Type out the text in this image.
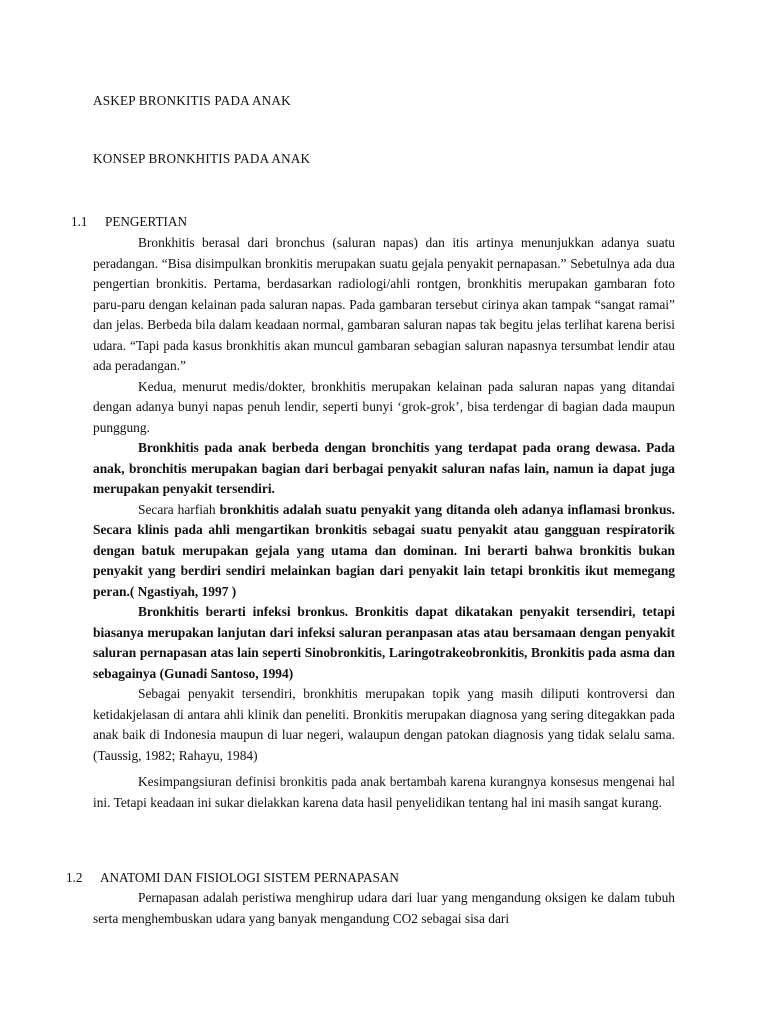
ASKEP BRONKITIS PADA ANAK
KONSEP BRONKHITIS PADA ANAK
1.1 PENGERTIAN

Bronkhitis berasal dari bronchus (saluran napas) dan itis artinya menunjukkan adanya suatu peradangan. “Bisa disimpulkan bronkitis merupakan suatu gejala penyakit pernapasan.” Sebetulnya ada dua pengertian bronkitis. Pertama, berdasarkan radiologi/ahli rontgen, bronkhitis merupakan gambaran foto paru-paru dengan kelainan pada saluran napas. Pada gambaran tersebut cirinya akan tampak “sangat ramai” dan jelas. Berbeda bila dalam keadaan normal, gambaran saluran napas tak begitu jelas terlihat karena berisi udara. “Tapi pada kasus bronkhitis akan muncul gambaran sebagian saluran napasnya tersumbat lendir atau ada peradangan.”

Kedua, menurut medis/dokter, bronkhitis merupakan kelainan pada saluran napas yang ditandai dengan adanya bunyi napas penuh lendir, seperti bunyi ‘grok-grok’, bisa terdengar di bagian dada maupun punggung.

Bronkhitis pada anak berbeda dengan bronchitis yang terdapat pada orang dewasa. Pada anak, bronchitis merupakan bagian dari berbagai penyakit saluran nafas lain, namun ia dapat juga merupakan penyakit tersendiri.

Secara harfiah bronkhitis adalah suatu penyakit yang ditanda oleh adanya inflamasi bronkus. Secara klinis pada ahli mengartikan bronkitis sebagai suatu penyakit atau gangguan respiratorik dengan batuk merupakan gejala yang utama dan dominan. Ini berarti bahwa bronkitis bukan penyakit yang berdiri sendiri melainkan bagian dari penyakit lain tetapi bronkitis ikut memegang peran.( Ngastiyah, 1997 )

Bronkhitis berarti infeksi bronkus. Bronkitis dapat dikatakan penyakit tersendiri, tetapi biasanya merupakan lanjutan dari infeksi saluran peranpasan atas atau bersamaan dengan penyakit saluran pernapasan atas lain seperti Sinobronkitis, Laringotrakeobronkitis, Bronkitis pada asma dan sebagainya (Gunadi Santoso, 1994)

Sebagai penyakit tersendiri, bronkhitis merupakan topik yang masih diliputi kontroversi dan ketidakjelasan di antara ahli klinik dan peneliti. Bronkitis merupakan diagnosa yang sering ditegakkan pada anak baik di Indonesia maupun di luar negeri, walaupun dengan patokan diagnosis yang tidak selalu sama.(Taussig, 1982; Rahayu, 1984)

Kesimpangsiuran definisi bronkitis pada anak bertambah karena kurangnya konsesus mengenai hal ini. Tetapi keadaan ini sukar dielakkan karena data hasil penyelidikan tentang hal ini masih sangat kurang.

1.2 ANATOMI DAN FISIOLOGI SISTEM PERNAPASAN

Pernapasan adalah peristiwa menghirup udara dari luar yang mengandung oksigen ke dalam tubuh serta menghembuskan udara yang banyak mengandung CO2 sebagai sisa dari
